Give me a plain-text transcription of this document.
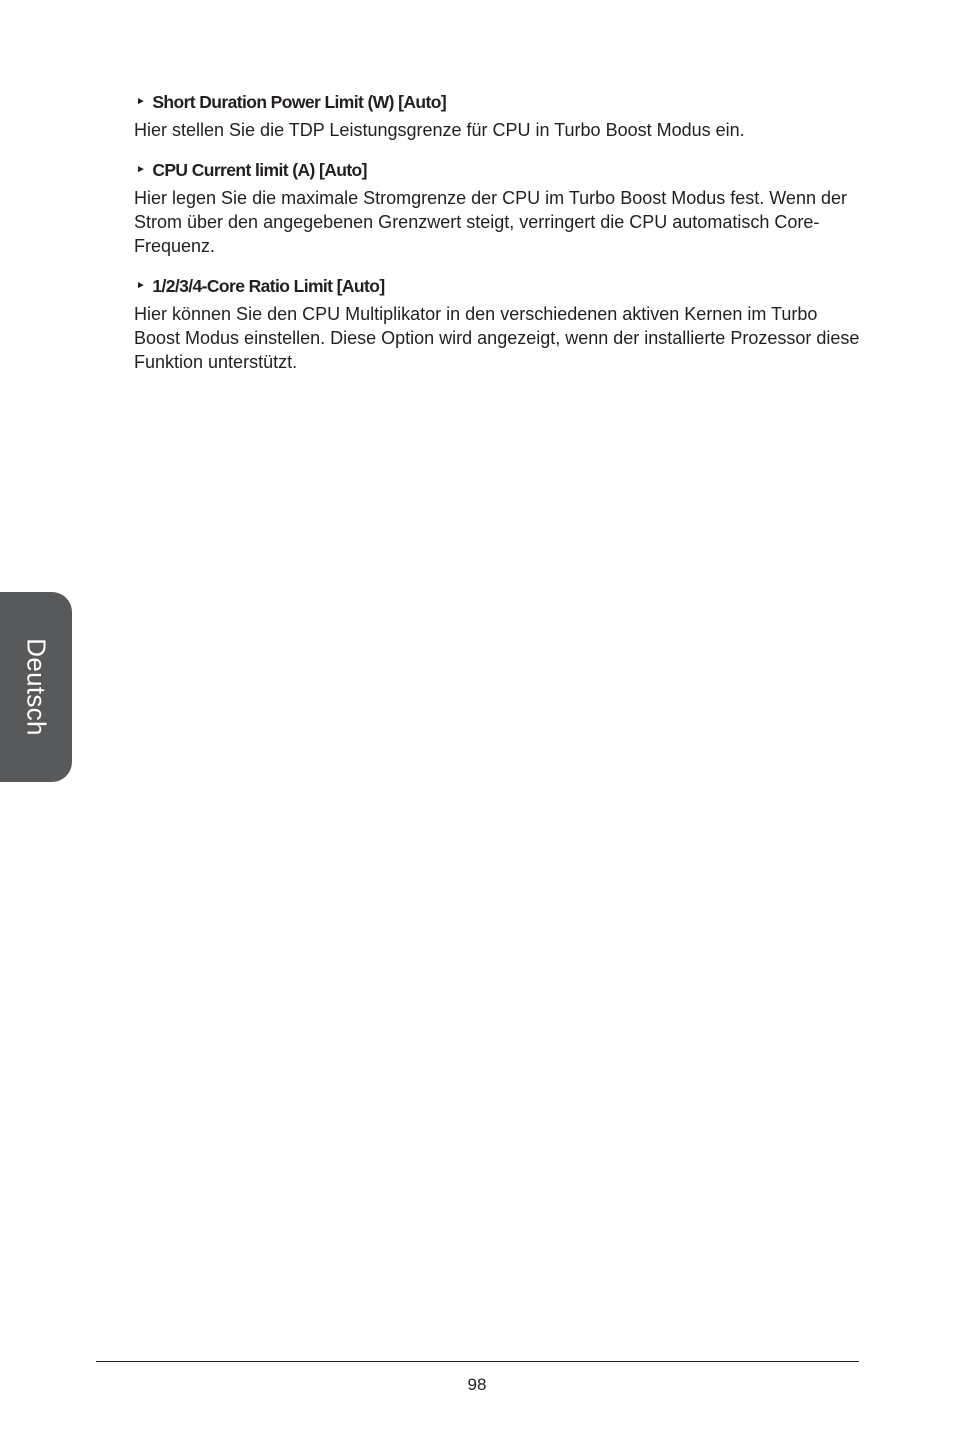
► Short Duration Power Limit (W) [Auto]

Hier stellen Sie die TDP Leistungsgrenze für CPU in Turbo Boost Modus ein.

► CPU Current limit (A) [Auto]

Hier legen Sie die maximale Stromgrenze der CPU im Turbo Boost Modus fest. Wenn der Strom über den angegebenen Grenzwert steigt, verringert die CPU automatisch Core-Frequenz.

► 1/2/3/4-Core Ratio Limit [Auto]

Hier können Sie den CPU Multiplikator in den verschiedenen aktiven Kernen im Turbo Boost Modus einstellen. Diese Option wird angezeigt, wenn der installierte Prozessor diese Funktion unterstützt.

Deutsch
98
